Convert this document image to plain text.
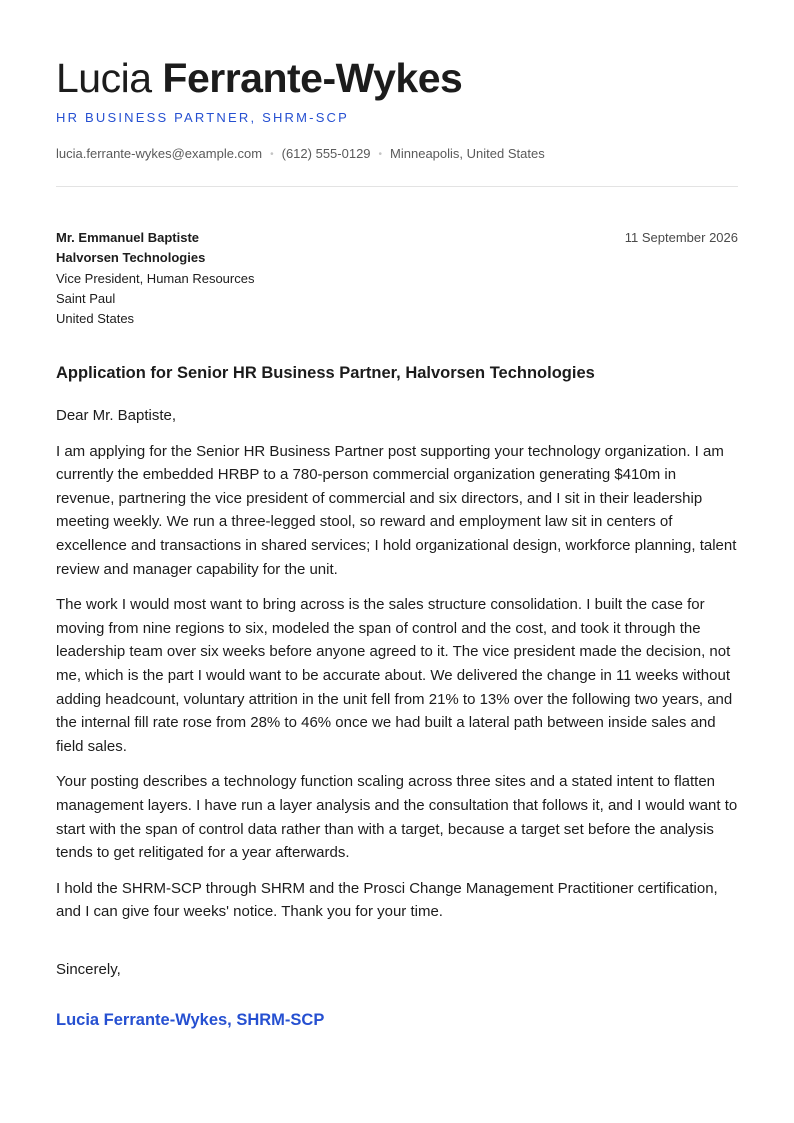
Lucia Ferrante-Wykes
HR BUSINESS PARTNER, SHRM-SCP
lucia.ferrante-wykes@example.com • (612) 555-0129 • Minneapolis, United States
Mr. Emmanuel Baptiste
Halvorsen Technologies
Vice President, Human Resources
Saint Paul
United States
11 September 2026
Application for Senior HR Business Partner, Halvorsen Technologies

Dear Mr. Baptiste,

I am applying for the Senior HR Business Partner post supporting your technology organization. I am currently the embedded HRBP to a 780-person commercial organization generating $410m in revenue, partnering the vice president of commercial and six directors, and I sit in their leadership meeting weekly. We run a three-legged stool, so reward and employment law sit in centers of excellence and transactions in shared services; I hold organizational design, workforce planning, talent review and manager capability for the unit.

The work I would most want to bring across is the sales structure consolidation. I built the case for moving from nine regions to six, modeled the span of control and the cost, and took it through the leadership team over six weeks before anyone agreed to it. The vice president made the decision, not me, which is the part I would want to be accurate about. We delivered the change in 11 weeks without adding headcount, voluntary attrition in the unit fell from 21% to 13% over the following two years, and the internal fill rate rose from 28% to 46% once we had built a lateral path between inside sales and field sales.

Your posting describes a technology function scaling across three sites and a stated intent to flatten management layers. I have run a layer analysis and the consultation that follows it, and I would want to start with the span of control data rather than with a target, because a target set before the analysis tends to get relitigated for a year afterwards.

I hold the SHRM-SCP through SHRM and the Prosci Change Management Practitioner certification, and I can give four weeks' notice. Thank you for your time.

Sincerely,
Lucia Ferrante-Wykes, SHRM-SCP
